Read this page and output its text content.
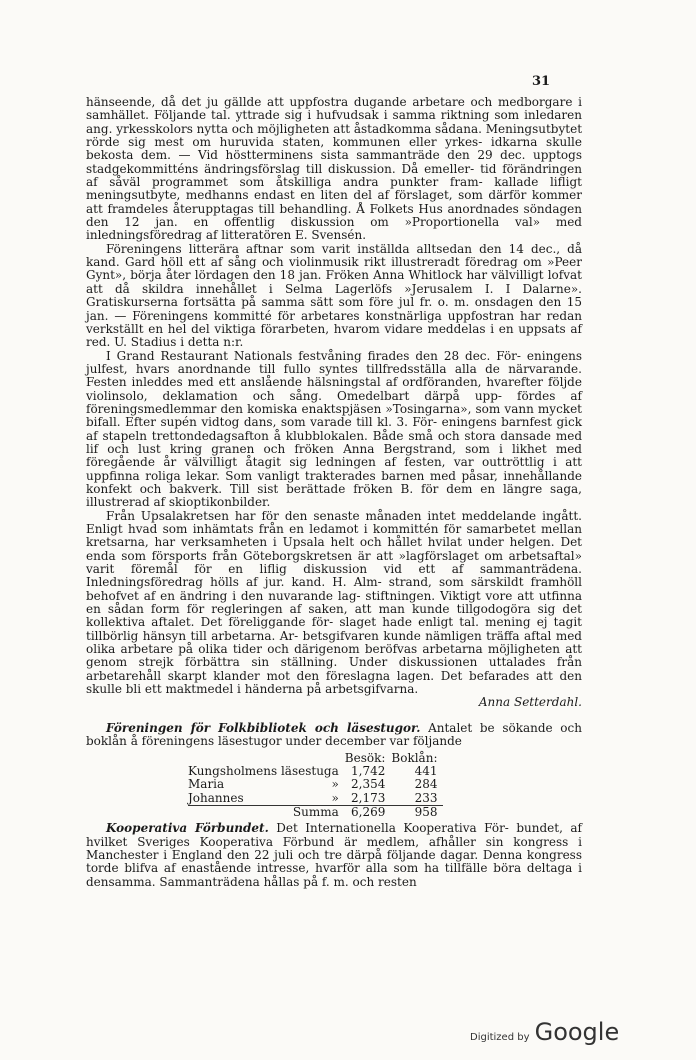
31

hänseende, då det ju gällde att uppfostra dugande arbetare och medborgare i samhället. Följande tal. yttrade sig i hufvudsak i samma riktning som inledaren ang. yrkesskolors nytta och möjligheten att åstadkomma sådana. Meningsutbytet rörde sig mest om huruvida staten, kommunen eller yrkes- idkarna skulle bekosta dem. — Vid höstterminens sista sammanträde den 29 dec. upptogs stadgekommitténs ändringsförslag till diskussion. Då emeller- tid förändringen af såväl programmet som åtskilliga andra punkter fram- kallade lifligt meningsutbyte, medhanns endast en liten del af förslaget, som därför kommer att framdeles återupptagas till behandling. Å Folkets Hus anordnades söndagen den 12 jan. en offentlig diskussion om »Proportionella val» med inledningsföredrag af litteratören E. Svensén.

Föreningens litterära aftnar som varit inställda alltsedan den 14 dec., då kand. Gard höll ett af sång och violinmusik rikt illustreradt föredrag om »Peer Gynt», börja åter lördagen den 18 jan. Fröken Anna Whitlock har välvilligt lofvat att då skildra innehållet i Selma Lagerlöfs »Jerusalem I. I Dalarne». Gratiskurserna fortsätta på samma sätt som före jul fr. o. m. onsdagen den 15 jan. — Föreningens kommitté för arbetares konstnärliga uppfostran har redan verkställt en hel del viktiga förarbeten, hvarom vidare meddelas i en uppsats af red. U. Stadius i detta n:r.

I Grand Restaurant Nationals festvåning firades den 28 dec. För- eningens julfest, hvars anordnande till fullo syntes tillfredsställa alla de närvarande. Festen inleddes med ett anslående hälsningstal af ordföranden, hvarefter följde violinsolo, deklamation och sång. Omedelbart därpå upp- fördes af föreningsmedlemmar den komiska enaktspjäsen »Tosingarna», som vann mycket bifall. Efter supén vidtog dans, som varade till kl. 3. För- eningens barnfest gick af stapeln trettondedagsafton å klubblokalen. Både små och stora dansade med lif och lust kring granen och fröken Anna Bergstrand, som i likhet med föregående år välvilligt åtagit sig ledningen af festen, var outtröttlig i att uppfinna roliga lekar. Som vanligt trakterades barnen med påsar, innehållande konfekt och bakverk. Till sist berättade fröken B. för dem en längre saga, illustrerad af skioptikonbilder.

Från Upsalakretsen har för den senaste månaden intet meddelande ingått. Enligt hvad som inhämtats från en ledamot i kommittén för samarbetet mellan kretsarna, har verksamheten i Upsala helt och hållet hvilat under helgen. Det enda som försports från Göteborgskretsen är att »lagförslaget om arbetsaftal» varit föremål för en liflig diskussion vid ett af sammanträdena. Inledningsföredrag hölls af jur. kand. H. Alm- strand, som särskildt framhöll behofvet af en ändring i den nuvarande lag- stiftningen. Viktigt vore att utfinna en sådan form för regleringen af saken, att man kunde tillgodogöra sig det kollektiva aftalet. Det föreliggande för- slaget hade enligt tal. mening ej tagit tillbörlig hänsyn till arbetarna. Ar- betsgifvaren kunde nämligen träffa aftal med olika arbetare på olika tider och därigenom beröfvas arbetarna möjligheten att genom strejk förbättra sin ställning. Under diskussionen uttalades från arbetarehåll skarpt klander mot den föreslagna lagen. Det befarades att den skulle bli ett maktmedel i händerna på arbetsgifvarna.

Anna Setterdahl.

Föreningen för Folkbibliotek och läsestugor. Antalet be sökande och boklån å föreningens läsestugor under december var följande

		Besök:	Boklån:
Kungsholmens läsestuga		1,742	441
Maria	»	2,354	284
Johannes	»	2,173	233
	Summa	6,269	958

Kooperativa Förbundet. Det Internationella Kooperativa För- bundet, af hvilket Sveriges Kooperativa Förbund är medlem, afhåller sin kongress i Manchester i England den 22 juli och tre därpå följande dagar. Denna kongress torde blifva af enastående intresse, hvarför alla som ha tillfälle böra deltaga i densamma. Sammanträdena hållas på f. m. och resten

Digitized by Google
